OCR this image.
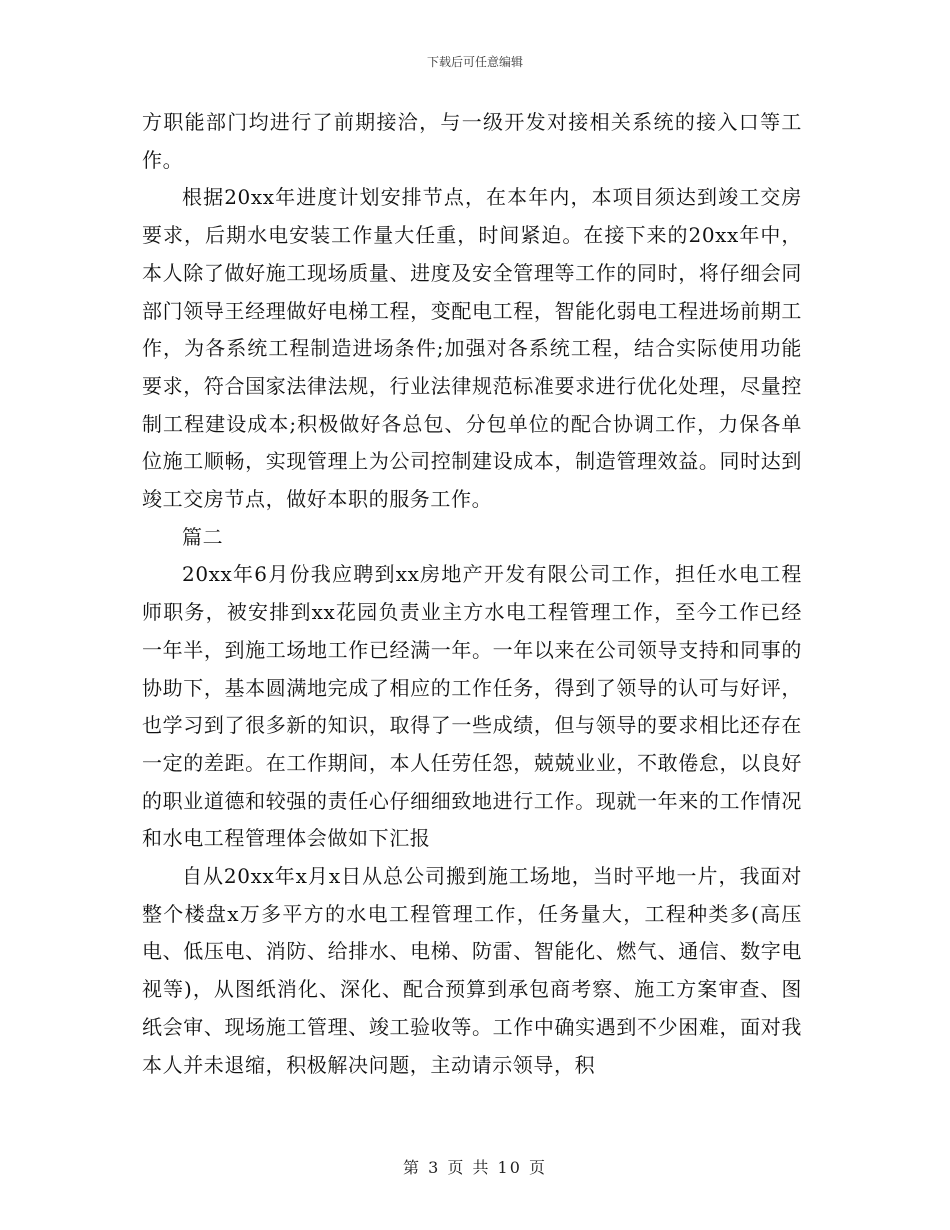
下载后可任意编辑

方职能部门均进行了前期接洽，与一级开发对接相关系统的接入口等工作。

根据20xx年进度计划安排节点，在本年内，本项目须达到竣工交房要求，后期水电安装工作量大任重，时间紧迫。在接下来的20xx年中，本人除了做好施工现场质量、进度及安全管理等工作的同时，将仔细会同部门领导王经理做好电梯工程，变配电工程，智能化弱电工程进场前期工作，为各系统工程制造进场条件;加强对各系统工程，结合实际使用功能要求，符合国家法律法规，行业法律规范标准要求进行优化处理，尽量控制工程建设成本;积极做好各总包、分包单位的配合协调工作，力保各单位施工顺畅，实现管理上为公司控制建设成本，制造管理效益。同时达到竣工交房节点，做好本职的服务工作。

篇二

20xx年6月份我应聘到xx房地产开发有限公司工作，担任水电工程师职务，被安排到xx花园负责业主方水电工程管理工作，至今工作已经一年半，到施工场地工作已经满一年。一年以来在公司领导支持和同事的协助下，基本圆满地完成了相应的工作任务，得到了领导的认可与好评，也学习到了很多新的知识，取得了一些成绩，但与领导的要求相比还存在一定的差距。在工作期间，本人任劳任怨，兢兢业业，不敢倦怠，以良好的职业道德和较强的责任心仔细细致地进行工作。现就一年来的工作情况和水电工程管理体会做如下汇报

自从20xx年x月x日从总公司搬到施工场地，当时平地一片，我面对整个楼盘x万多平方的水电工程管理工作，任务量大，工程种类多(高压电、低压电、消防、给排水、电梯、防雷、智能化、燃气、通信、数字电视等)，从图纸消化、深化、配合预算到承包商考察、施工方案审查、图纸会审、现场施工管理、竣工验收等。工作中确实遇到不少困难，面对我本人并未退缩，积极解决问题，主动请示领导，积

第 3 页 共 10 页
